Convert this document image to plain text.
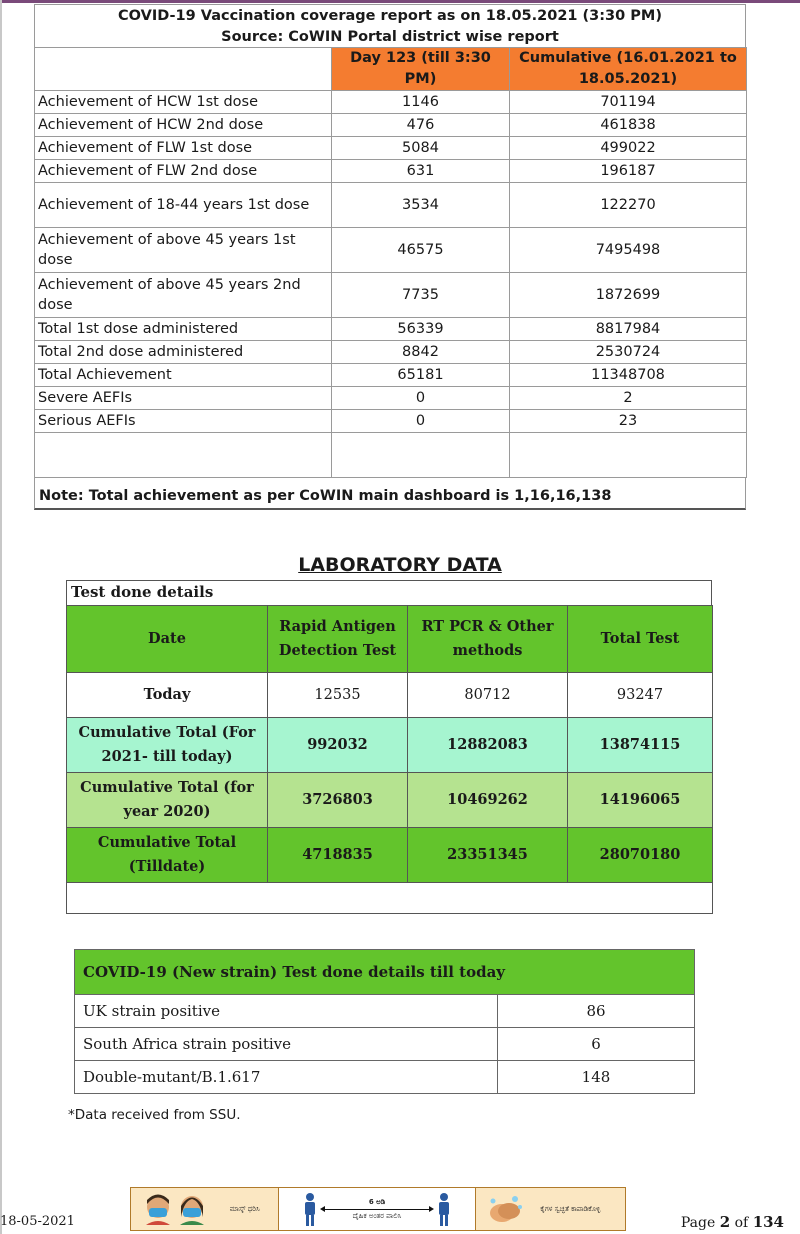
COVID-19 Vaccination coverage report as on 18.05.2021 (3:30 PM)
Source: CoWIN Portal district wise report
	Day 123 (till 3:30 PM)	Cumulative (16.01.2021 to 18.05.2021)
Achievement of HCW 1st dose	1146	701194
Achievement of HCW 2nd dose	476	461838
Achievement of FLW 1st dose	5084	499022
Achievement of FLW 2nd dose	631	196187
Achievement of 18-44 years 1st dose	3534	122270
Achievement of above 45 years 1st dose	46575	7495498
Achievement of above 45 years 2nd dose	7735	1872699
Total 1st dose administered	56339	8817984
Total 2nd dose administered	8842	2530724
Total Achievement	65181	11348708
Severe AEFIs	0	2
Serious AEFIs	0	23

Note: Total achievement as per CoWIN main dashboard is 1,16,16,138
LABORATORY DATA
Test done details
Date	Rapid Antigen Detection Test	RT PCR & Other methods	Total Test
Today	12535	80712	93247
Cumulative Total (For 2021- till today)	992032	12882083	13874115
Cumulative Total (for year 2020)	3726803	10469262	14196065
Cumulative Total (Tilldate)	4718835	23351345	28070180

COVID-19 (New strain) Test done details till today	
UK strain positive	86
South Africa strain positive	6
Double-mutant/B.1.617	148
*Data received from SSU.
18-05-2021
ಮಾಸ್ಕ್ ಧರಿಸಿ
6 ಅಡಿ
ದೈಹಿಕ ಅಂತರ ಪಾಲಿಸಿ
ಕೈಗಳ ಸ್ವಚ್ಛತೆ ಕಾಪಾಡಿಕೊಳ್ಳಿ
Page 2 of 134
